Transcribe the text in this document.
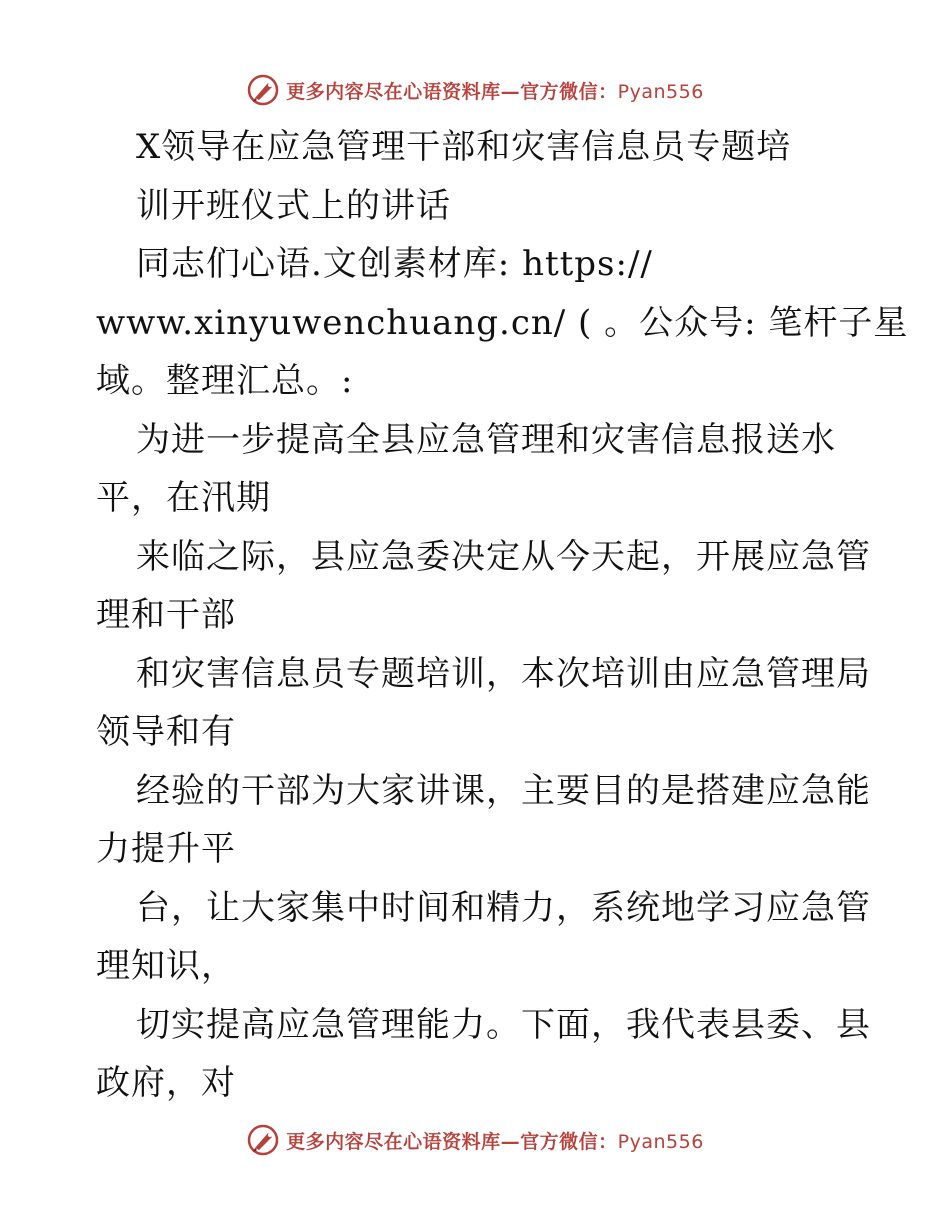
更多内容尽在心语资料库—官方微信：Pyan556
X领导在应急管理干部和灾害信息员专题培
训开班仪式上的讲话
同志们心语.文创素材库: https://
www.xinyuwenchuang.cn/ ( 。公众号: 笔杆子星
域。整理汇总。:
为进一步提高全县应急管理和灾害信息报送水
平，在汛期
来临之际，县应急委决定从今天起，开展应急管
理和干部
和灾害信息员专题培训，本次培训由应急管理局
领导和有
经验的干部为大家讲课，主要目的是搭建应急能
力提升平
台，让大家集中时间和精力，系统地学习应急管
理知识，
切实提高应急管理能力。下面，我代表县委、县
政府，对
更多内容尽在心语资料库—官方微信：Pyan556
